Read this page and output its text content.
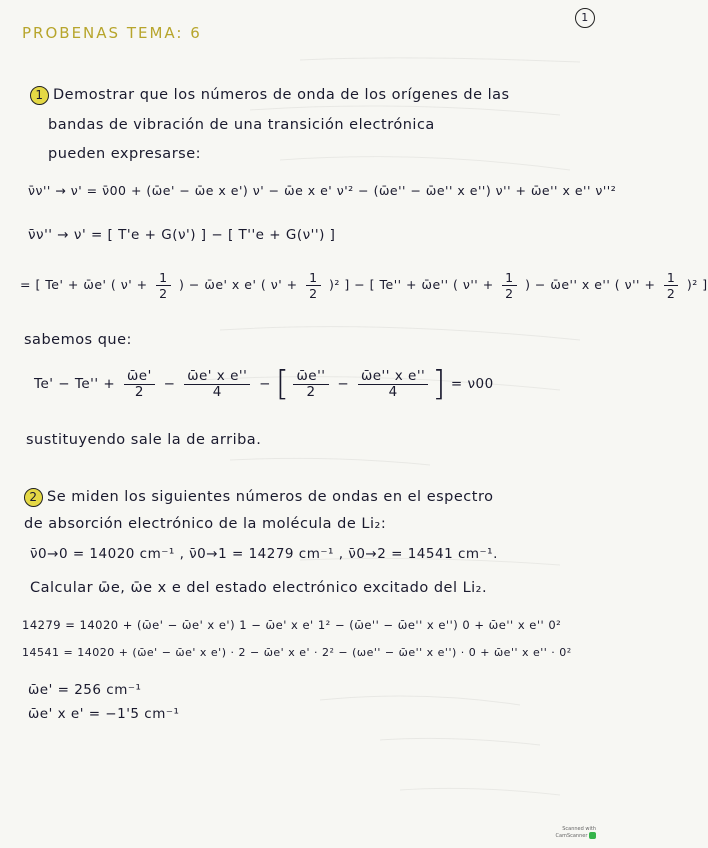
PROBENAS TEMA: 6
1
1 Demostrar que los números de onda de los orígenes de las
bandas de vibración de una transición electrónica
pueden expresarse:
ν̄ν'' → ν' = ν̄00 + (ω̄e' − ω̄e x e') ν' − ω̄e x e' ν'² − (ω̄e'' − ω̄e'' x e'') ν'' + ω̄e'' x e'' ν''²
ν̄ν'' → ν' = [ T'e + G(ν') ] − [ T''e + G(ν'') ]
= [ Te' + ω̄e' ( $\nu' + \frac{1}{2}$ ) − ω̄e' x e' ( $\nu' + \frac{1}{2} )^2$ ] − [ Te'' + ω̄e'' ( $\nu'' + \frac{1}{2}$ ) − ω̄e'' x e'' ( $\nu'' + \frac{1}{2} )^2$ ]
sabemos que:
$Te' - Te'' + \frac{\omegāe'}{2} - \frac{\text{ω̄e' x e''}}{4}$ − [ $\frac{\omegāe''}{2} - \frac{\text{ω̄e'' x e''}}{4}$ ] = ν00
sustituyendo sale la de arriba.
2 Se miden los siguientes números de ondas en el espectro
de absorción electrónico de la molécula de Li₂:
ν̄0→0 = 14020 cm⁻¹ , ν̄0→1 = 14279 cm⁻¹ , ν̄0→2 = 14541 cm⁻¹.
Calcular ω̄e, ω̄e x e del estado electrónico excitado del Li₂.
14279 = 14020 + (ω̄e' − ω̄e' x e') 1 − ω̄e' x e' 1² − (ω̄e'' − ω̄e'' x e'') 0 + ω̄e'' x e'' 0²
14541 = 14020 + (ω̄e' − ω̄e' x e') · 2 − ω̄e' x e' · 2² − (ωe'' − ω̄e'' x e'') · 0 + ω̄e'' x e'' · 0²
ω̄e' = 256 cm⁻¹
ω̄e' x e' = −1'5 cm⁻¹
Scanned with CamScanner
